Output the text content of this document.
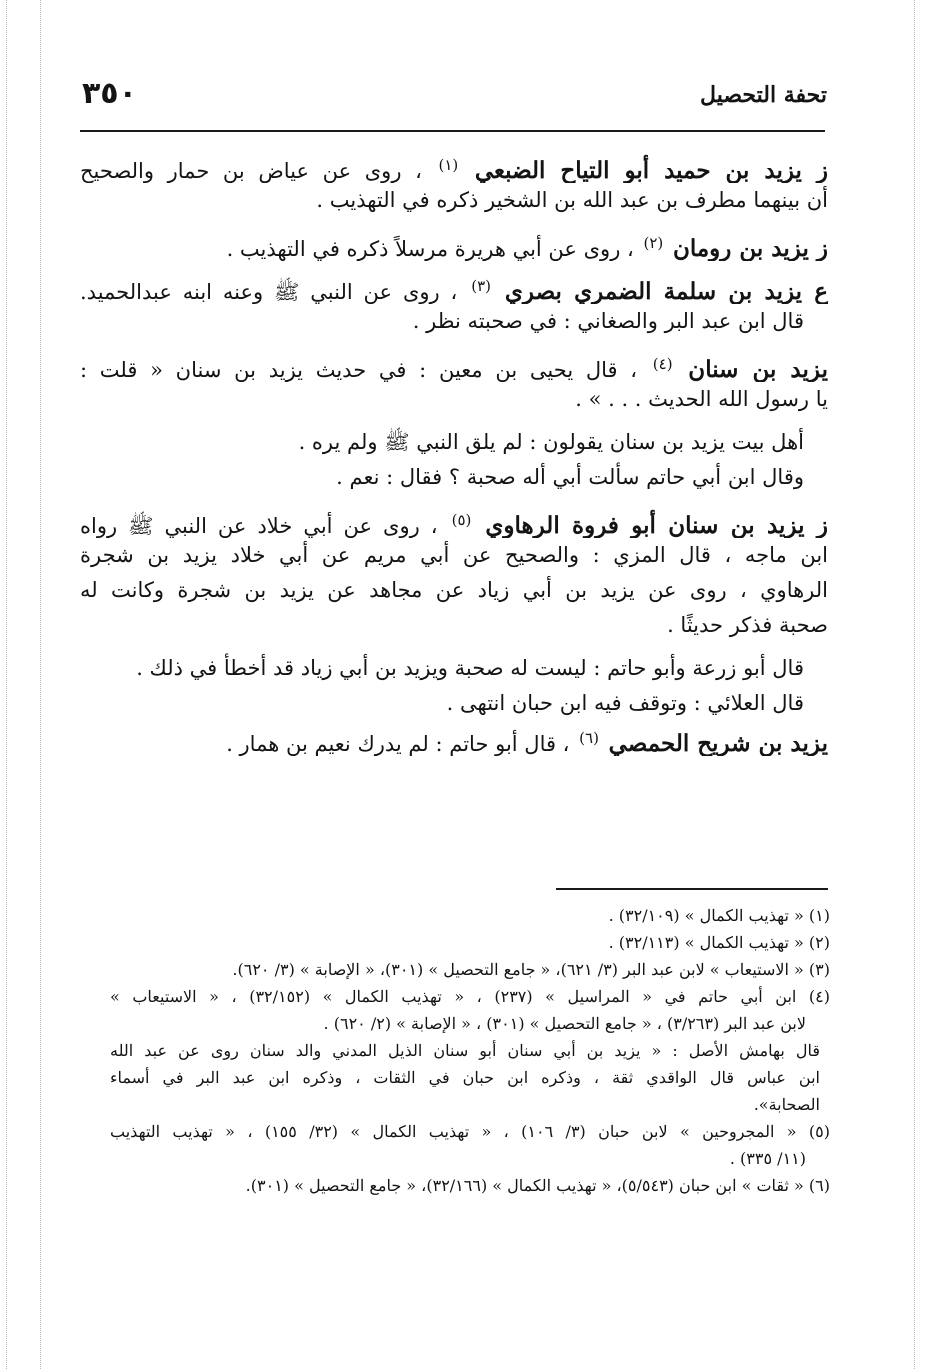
٣٥٠	تحفة التحصيل
ز يزيد بن حميد أبو التياح الضبعي $^{(١)}$ ، روى عن عياض بن حمار والصحيح
أن بينهما مطرف بن عبد الله بن الشخير ذكره في التهذيب .
ز يزيد بن رومان $^{(٢)}$ ، روى عن أبي هريرة مرسلاً ذكره في التهذيب .
ع يزيد بن سلمة الضمري بصري $^{(٣)}$ ، روى عن النبي ﷺ وعنه ابنه عبدالحميد.
قال ابن عبد البر والصغاني : في صحبته نظر .
يزيد بن سنان $^{(٤)}$ ، قال يحيى بن معين : في حديث يزيد بن سنان « قلت :
يا رسول الله الحديث . . . » .
أهل بيت يزيد بن سنان يقولون : لم يلق النبي ﷺ ولم يره .
وقال ابن أبي حاتم سألت أبي أله صحبة ؟ فقال : نعم .
ز يزيد بن سنان أبو فروة الرهاوي $^{(٥)}$ ، روى عن أبي خلاد عن النبي ﷺ رواه
ابن ماجه ، قال المزي : والصحيح عن أبي مريم عن أبي خلاد يزيد بن شجرة
الرهاوي ، روى عن يزيد بن أبي زياد عن مجاهد عن يزيد بن شجرة وكانت له
صحبة فذكر حديثًا .
قال أبو زرعة وأبو حاتم : ليست له صحبة ويزيد بن أبي زياد قد أخطأ في ذلك .
قال العلائي : وتوقف فيه ابن حبان انتهى .
يزيد بن شريح الحمصي $^{(٦)}$ ، قال أبو حاتم : لم يدرك نعيم بن همار .
(١) « تهذيب الكمال » (٣٢/١٠٩) .
(٢) « تهذيب الكمال » (٣٢/١١٣) .
(٣) « الاستيعاب » لابن عبد البر (٣/ ٦٢١)، « جامع التحصيل » (٣٠١)، « الإصابة » (٣/ ٦٢٠).
(٤) ابن أبي حاتم في « المراسيل » (٢٣٧) ، « تهذيب الكمال » (٣٢/١٥٢) ، « الاستيعاب »
لابن عبد البر (٣/٢٦٣) ، « جامع التحصيل » (٣٠١) ، « الإصابة » (٢/ ٦٢٠) .
قال بهامش الأصل : « يزيد بن أبي سنان أبو سنان الذيل المدني والد سنان روى عن عبد الله
ابن عباس قال الواقدي ثقة ، وذكره ابن حبان في الثقات ، وذكره ابن عبد البر في أسماء
الصحابة».
(٥) « المجروحين » لابن حبان (٣/ ١٠٦) ، « تهذيب الكمال » (٣٢/ ١٥٥) ، « تهذيب التهذيب
(١١/ ٣٣٥) .
(٦) « ثقات » ابن حبان (٥/٥٤٣)، « تهذيب الكمال » (٣٢/١٦٦)، « جامع التحصيل » (٣٠١).
